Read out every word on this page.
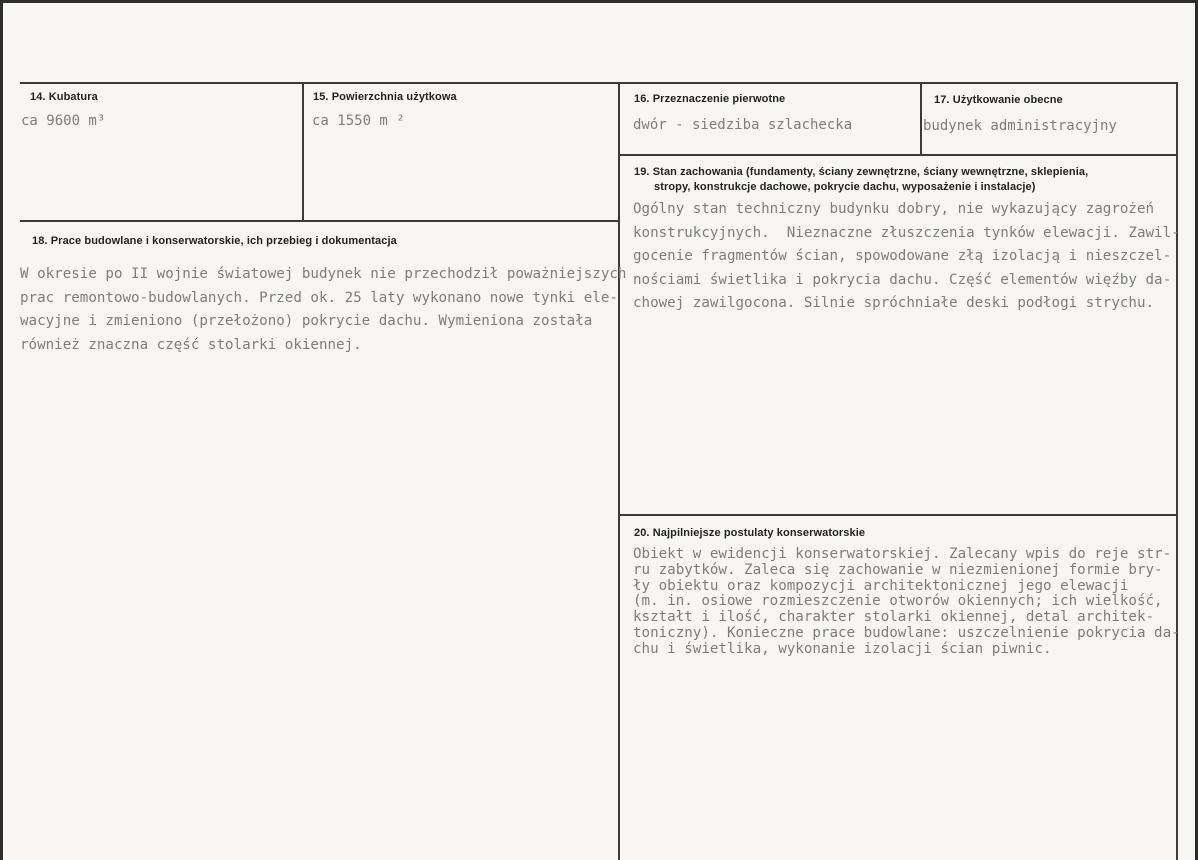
14. Kubatura
ca 9600 m³
15. Powierzchnia użytkowa
ca 1550 m ²
16. Przeznaczenie pierwotne
dwór - siedziba szlachecka
17. Użytkowanie obecne
budynek administracyjny
18. Prace budowlane i konserwatorskie, ich przebieg i dokumentacja
W okresie po II wojnie światowej budynek nie przechodził poważniejszych
prac remontowo-budowlanych. Przed ok. 25 laty wykonano nowe tynki ele-
wacyjne i zmieniono (przełożono) pokrycie dachu. Wymieniona została
również znaczna część stolarki okiennej.
19. Stan zachowania (fundamenty, ściany zewnętrzne, ściany wewnętrzne, sklepienia,
stropy, konstrukcje dachowe, pokrycie dachu, wyposażenie i instalacje)
Ogólny stan techniczny budynku dobry, nie wykazujący zagrożeń
konstrukcyjnych.  Nieznaczne złuszczenia tynków elewacji. Zawil-
gocenie fragmentów ścian, spowodowane złą izolacją i nieszczel-
nościami świetlika i pokrycia dachu. Część elementów więźby da-
chowej zawilgocona. Silnie spróchniałe deski podłogi strychu.
20. Najpilniejsze postulaty konserwatorskie
Obiekt w ewidencji konserwatorskiej. Zalecany wpis do reje str-
ru zabytków. Zaleca się zachowanie w niezmienionej formie bry-
ły obiektu oraz kompozycji architektonicznej jego elewacji
(m. in. osiowe rozmieszczenie otworów okiennych; ich wielkość,
kształt i ilość, charakter stolarki okiennej, detal architek-
toniczny). Konieczne prace budowlane: uszczelnienie pokrycia da-
chu i świetlika, wykonanie izolacji ścian piwnic.
